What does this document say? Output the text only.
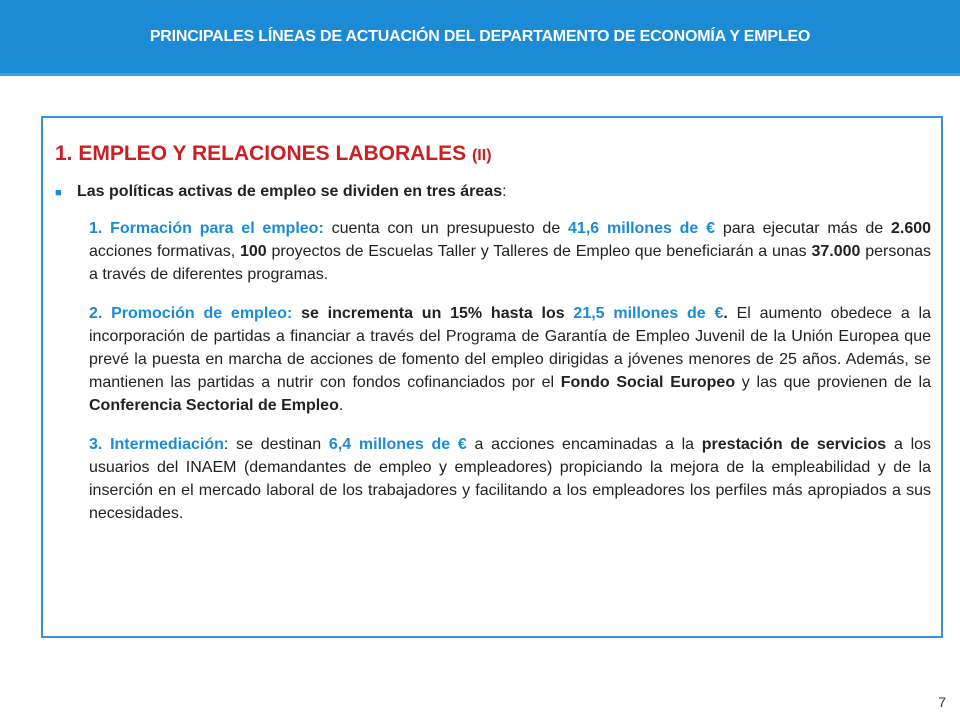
PRINCIPALES LÍNEAS DE ACTUACIÓN DEL DEPARTAMENTO DE ECONOMÍA Y EMPLEO
1. EMPLEO Y RELACIONES LABORALES (II)
■ Las políticas activas de empleo se dividen en tres áreas:

1. Formación para el empleo: cuenta con un presupuesto de 41,6 millones de € para ejecutar más de 2.600 acciones formativas, 100 proyectos de Escuelas Taller y Talleres de Empleo que beneficiarán a unas 37.000 personas a través de diferentes programas.

2. Promoción de empleo: se incrementa un 15% hasta los 21,5 millones de €. El aumento obedece a la incorporación de partidas a financiar a través del Programa de Garantía de Empleo Juvenil de la Unión Europea que prevé la puesta en marcha de acciones de fomento del empleo dirigidas a jóvenes menores de 25 años. Además, se mantienen las partidas a nutrir con fondos cofinanciados por el Fondo Social Europeo y las que provienen de la Conferencia Sectorial de Empleo.

3. Intermediación: se destinan 6,4 millones de € a acciones encaminadas a la prestación de servicios a los usuarios del INAEM (demandantes de empleo y empleadores) propiciando la mejora de la empleabilidad y de la inserción en el mercado laboral de los trabajadores y facilitando a los empleadores los perfiles más apropiados a sus necesidades.

7
